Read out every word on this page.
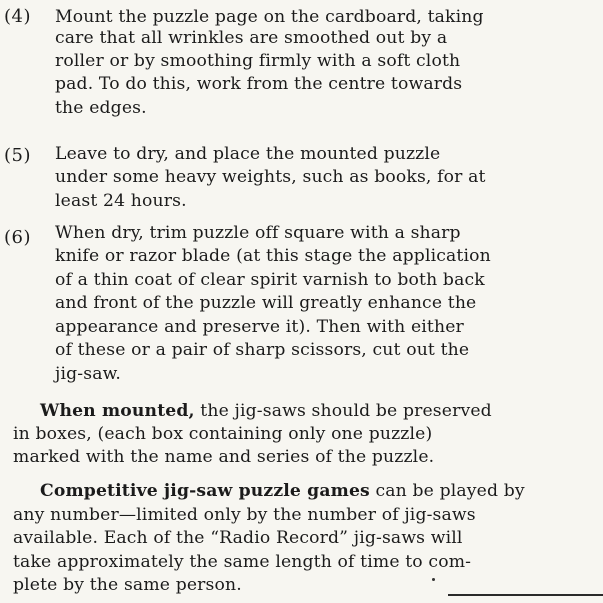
(4) Mount the puzzle page on the cardboard, taking
care that all wrinkles are smoothed out by a
roller or by smoothing firmly with a soft cloth
pad. To do this, work from the centre towards
the edges.
(5) Leave to dry, and place the mounted puzzle
under some heavy weights, such as books, for at
least 24 hours.
(6) When dry, trim puzzle off square with a sharp
knife or razor blade (at this stage the application
of a thin coat of clear spirit varnish to both back
and front of the puzzle will greatly enhance the
appearance and preserve it). Then with either
of these or a pair of sharp scissors, cut out the
jig-saw.
When mounted, the jig-saws should be preserved
in boxes, (each box containing only one puzzle)
marked with the name and series of the puzzle.
Competitive jig-saw puzzle games can be played by
any number—limited only by the number of jig-saws
available. Each of the “Radio Record” jig-saws will
take approximately the same length of time to com-
plete by the same person.
